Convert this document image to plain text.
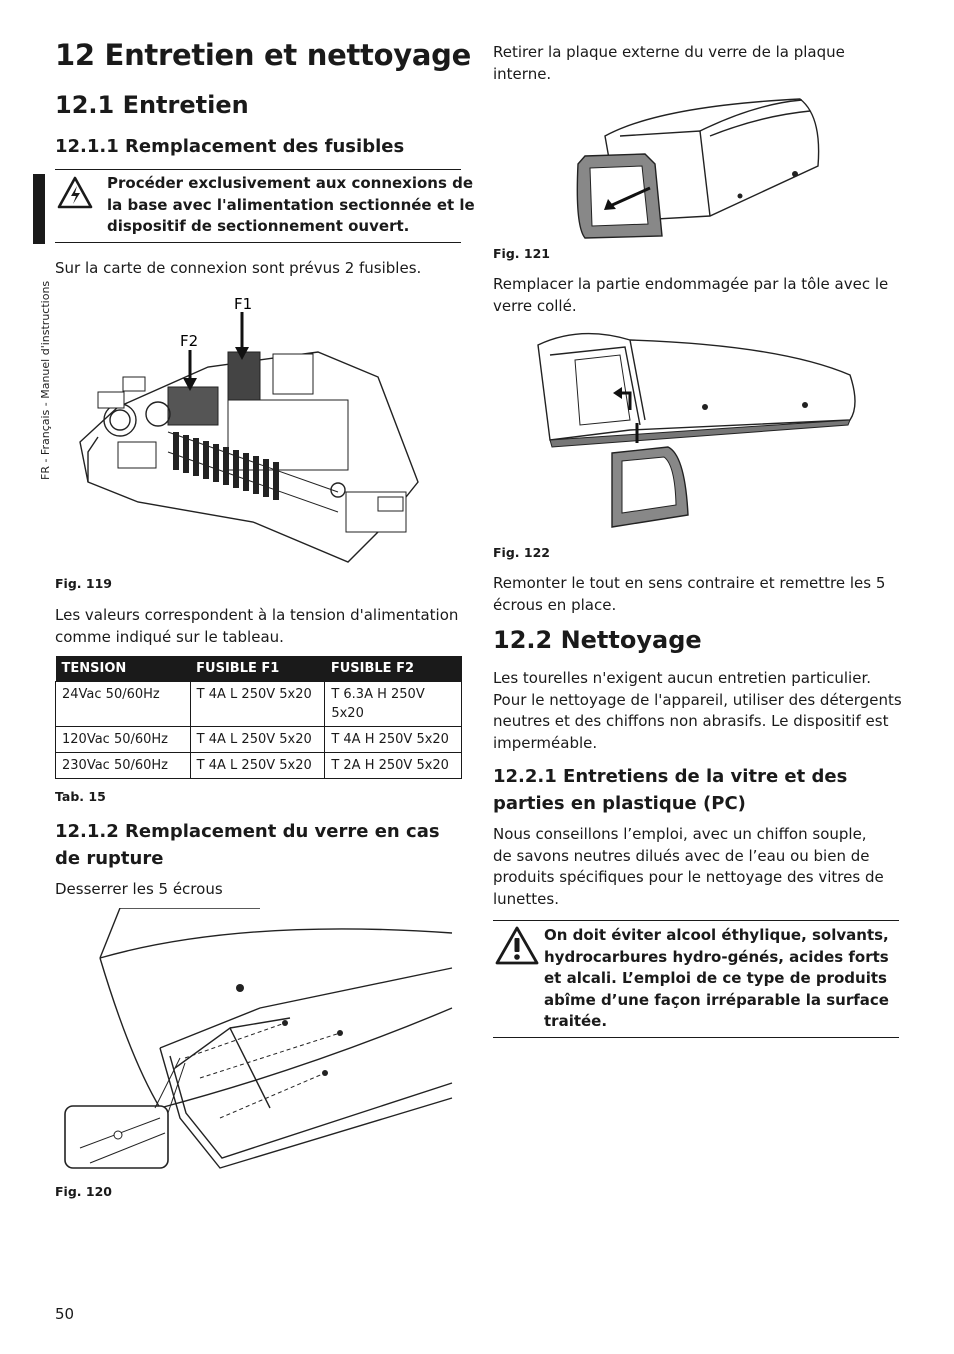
FR - Français - Manuel d'instructions
12 Entretien et nettoyage
12.1 Entretien
12.1.1 Remplacement des fusibles
Procéder exclusivement aux connexions de
la base avec l'alimentation sectionnée et le
dispositif de sectionnement ouvert.
Sur la carte de connexion sont prévus 2 fusibles.
F1
F2
Fig. 119
Les valeurs correspondent à la tension d'alimentation
comme indiqué sur le tableau.
TENSION	FUSIBLE F1	FUSIBLE F2
24Vac 50/60Hz	T 4A L 250V 5x20	T 6.3A H 250V 5x20
120Vac 50/60Hz	T 4A L 250V 5x20	T 4A H 250V 5x20
230Vac 50/60Hz	T 4A L 250V 5x20	T 2A H 250V 5x20
Tab. 15
12.1.2 Remplacement du verre en cas
de rupture
Desserrer les 5 écrous
Fig. 120
50
Retirer la plaque externe du verre de la plaque
interne.
Fig. 121
Remplacer la partie endommagée par la tôle avec le
verre collé.
Fig. 122
Remonter le tout en sens contraire et remettre les 5
écrous en place.
12.2 Nettoyage
Les tourelles n'exigent aucun entretien particulier.
Pour le nettoyage de l'appareil, utiliser des détergents
neutres et des chiffons non abrasifs. Le dispositif est
imperméable.
12.2.1 Entretiens de la vitre et des
parties en plastique (PC)
Nous conseillons l’emploi, avec un chiffon souple,
de savons neutres dilués avec de l’eau ou bien de
produits spécifiques pour le nettoyage des vitres de
lunettes.
On doit éviter alcool éthylique, solvants,
hydrocarbures hydro-génés, acides forts
et alcali. L’emploi de ce type de produits
abîme d’une façon irréparable la surface
traitée.
